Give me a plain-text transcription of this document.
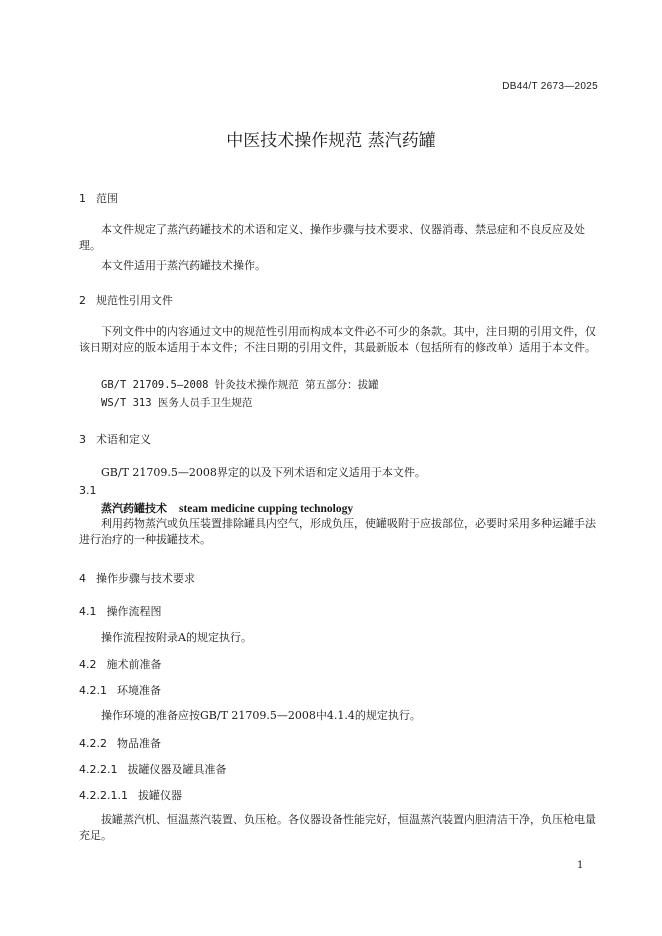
DB44/T 2673—2025
中医技术操作规范 蒸汽药罐
1 范围
本文件规定了蒸汽药罐技术的术语和定义、操作步骤与技术要求、仪器消毒、禁忌症和不良反应及处理。
本文件适用于蒸汽药罐技术操作。
2 规范性引用文件
下列文件中的内容通过文中的规范性引用而构成本文件必不可少的条款。其中，注日期的引用文件，仅该日期对应的版本适用于本文件；不注日期的引用文件，其最新版本（包括所有的修改单）适用于本文件。
GB/T 21709.5—2008 针灸技术操作规范 第五部分：拔罐
WS/T 313 医务人员手卫生规范
3 术语和定义
GB/T 21709.5—2008界定的以及下列术语和定义适用于本文件。
3.1
蒸汽药罐技术 steam medicine cupping technology
利用药物蒸汽或负压装置排除罐具内空气，形成负压，使罐吸附于应拔部位，必要时采用多种运罐手法进行治疗的一种拔罐技术。
4 操作步骤与技术要求
4.1 操作流程图
操作流程按附录A的规定执行。
4.2 施术前准备
4.2.1 环境准备
操作环境的准备应按GB/T 21709.5—2008中4.1.4的规定执行。
4.2.2 物品准备
4.2.2.1 拔罐仪器及罐具准备
4.2.2.1.1 拔罐仪器
拔罐蒸汽机、恒温蒸汽装置、负压枪。各仪器设备性能完好，恒温蒸汽装置内胆清洁干净，负压枪电量充足。
1
